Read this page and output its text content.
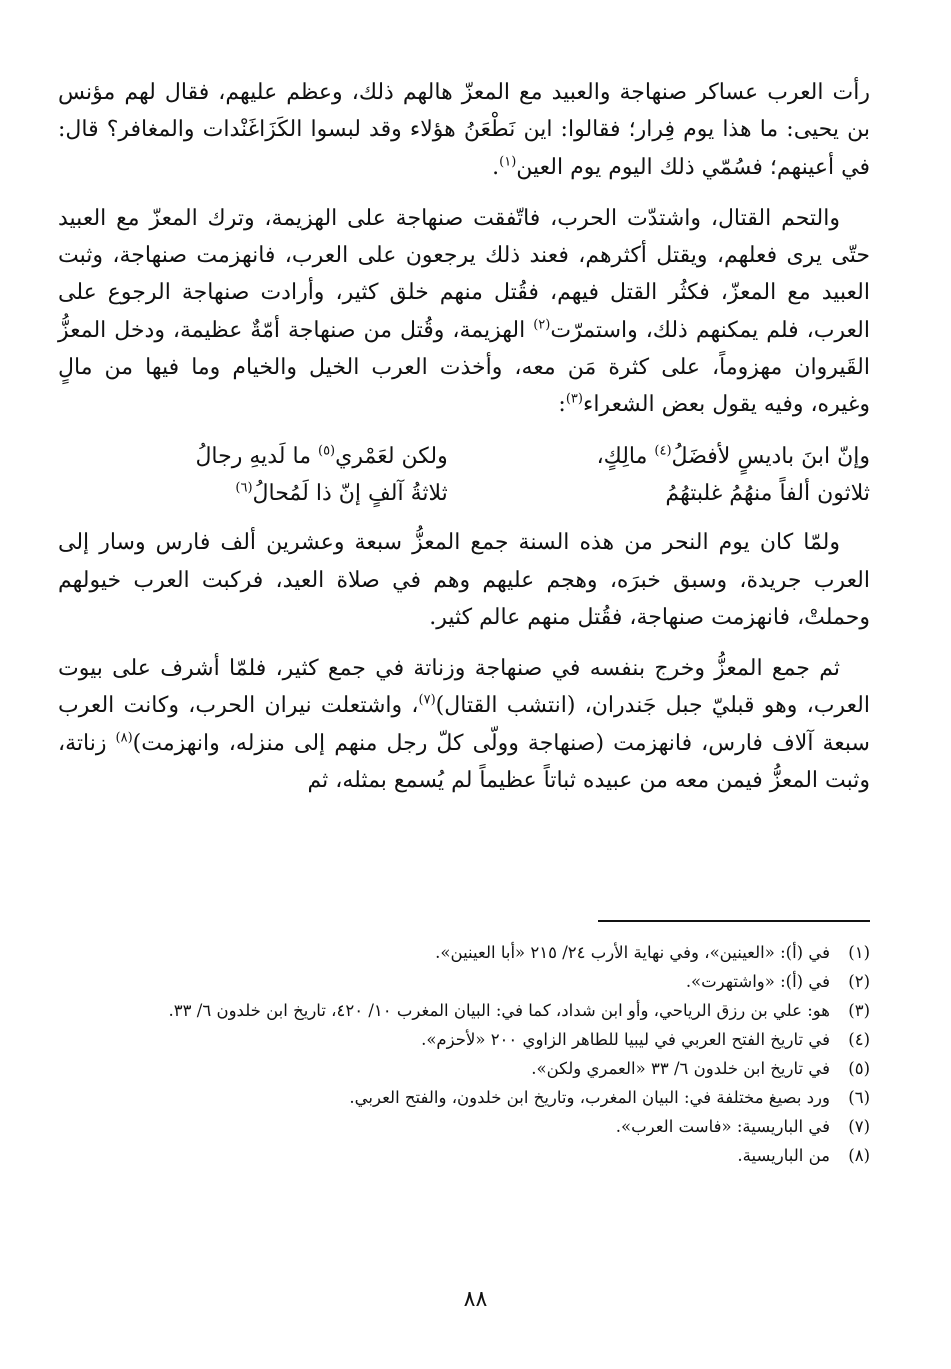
رأت العرب عساكر صنهاجة والعبيد مع المعزّ هالهم ذلك، وعظم عليهم، فقال لهم مؤنس بن يحيى: ما هذا يوم فِرار؛ فقالوا: اين نَطْعَنُ هؤلاء وقد لبسوا الكَزَاغَنْدات والمغافر؟ قال: في أعينهم؛ فسُمّي ذلك اليوم يوم العين$^{(١)}$.

والتحم القتال، واشتدّت الحرب، فاتّفقت صنهاجة على الهزيمة، وترك المعزّ مع العبيد حتّى يرى فعلهم، ويقتل أكثرهم، فعند ذلك يرجعون على العرب، فانهزمت صنهاجة، وثبت العبيد مع المعزّ، فكثُر القتل فيهم، فقُتل منهم خلق كثير، وأرادت صنهاجة الرجوع على العرب، فلم يمكنهم ذلك، واستمرّت$^{(٢)}$ الهزيمة، وقُتل من صنهاجة أمّةٌ عظيمة، ودخل المعزُّ القَيروان مهزوماً، على كثرة مَن معه، وأخذت العرب الخيل والخيام وما فيها من مالٍ وغيره، وفيه يقول بعض الشعراء$^{(٣)}$:

وإنّ ابنَ باديسٍ لأفضَلُ$^{(٤)}$ مالِكٍ،
ولكن لعَمْري$^{(٥)}$ ما لَديهِ رجالُ
ثلاثون ألفاً منهُمُ غلبتهُمُ
ثلاثةُ آلفٍ إنّ ذا لَمُحالُ$^{(٦)}$

ولمّا كان يوم النحر من هذه السنة جمع المعزُّ سبعة وعشرين ألف فارس وسار إلى العرب جريدة، وسبق خبرَه، وهجم عليهم وهم في صلاة العيد، فركبت العرب خيولهم وحملتْ، فانهزمت صنهاجة، فقُتل منهم عالم كثير.

ثم جمع المعزُّ وخرج بنفسه في صنهاجة وزناتة في جمع كثير، فلمّا أشرف على بيوت العرب، وهو قبليّ جبل جَندران، (انتشب القتال)$^{(٧)}$، واشتعلت نيران الحرب، وكانت العرب سبعة آلاف فارس، فانهزمت (صنهاجة وولّى كلّ رجل منهم إلى منزله، وانهزمت)$^{(٨)}$ زناتة، وثبت المعزُّ فيمن معه من عبيده ثباتاً عظيماً لم يُسمع بمثله، ثم

(١)
في (أ): «العينين»، وفي نهاية الأرب ٢٤/ ٢١٥ «أبا العينين».
(٢)
في (أ): «واشتهرت».
(٣)
هو: علي بن رزق الرياحي، وأو ابن شداد، كما في: البيان المغرب ١٠/ ٤٢٠، تاريخ ابن خلدون ٦/ ٣٣.
(٤)
في تاريخ الفتح العربي في ليبيا للطاهر الزاوي ٢٠٠ «لأحزم».
(٥)
في تاريخ ابن خلدون ٦/ ٣٣ «العمري ولكن».
(٦)
ورد بصيغ مختلفة في: البيان المغرب، وتاريخ ابن خلدون، والفتح العربي.
(٧)
في الباريسية: «فاست العرب».
(٨)
من الباريسية.
٨٨
